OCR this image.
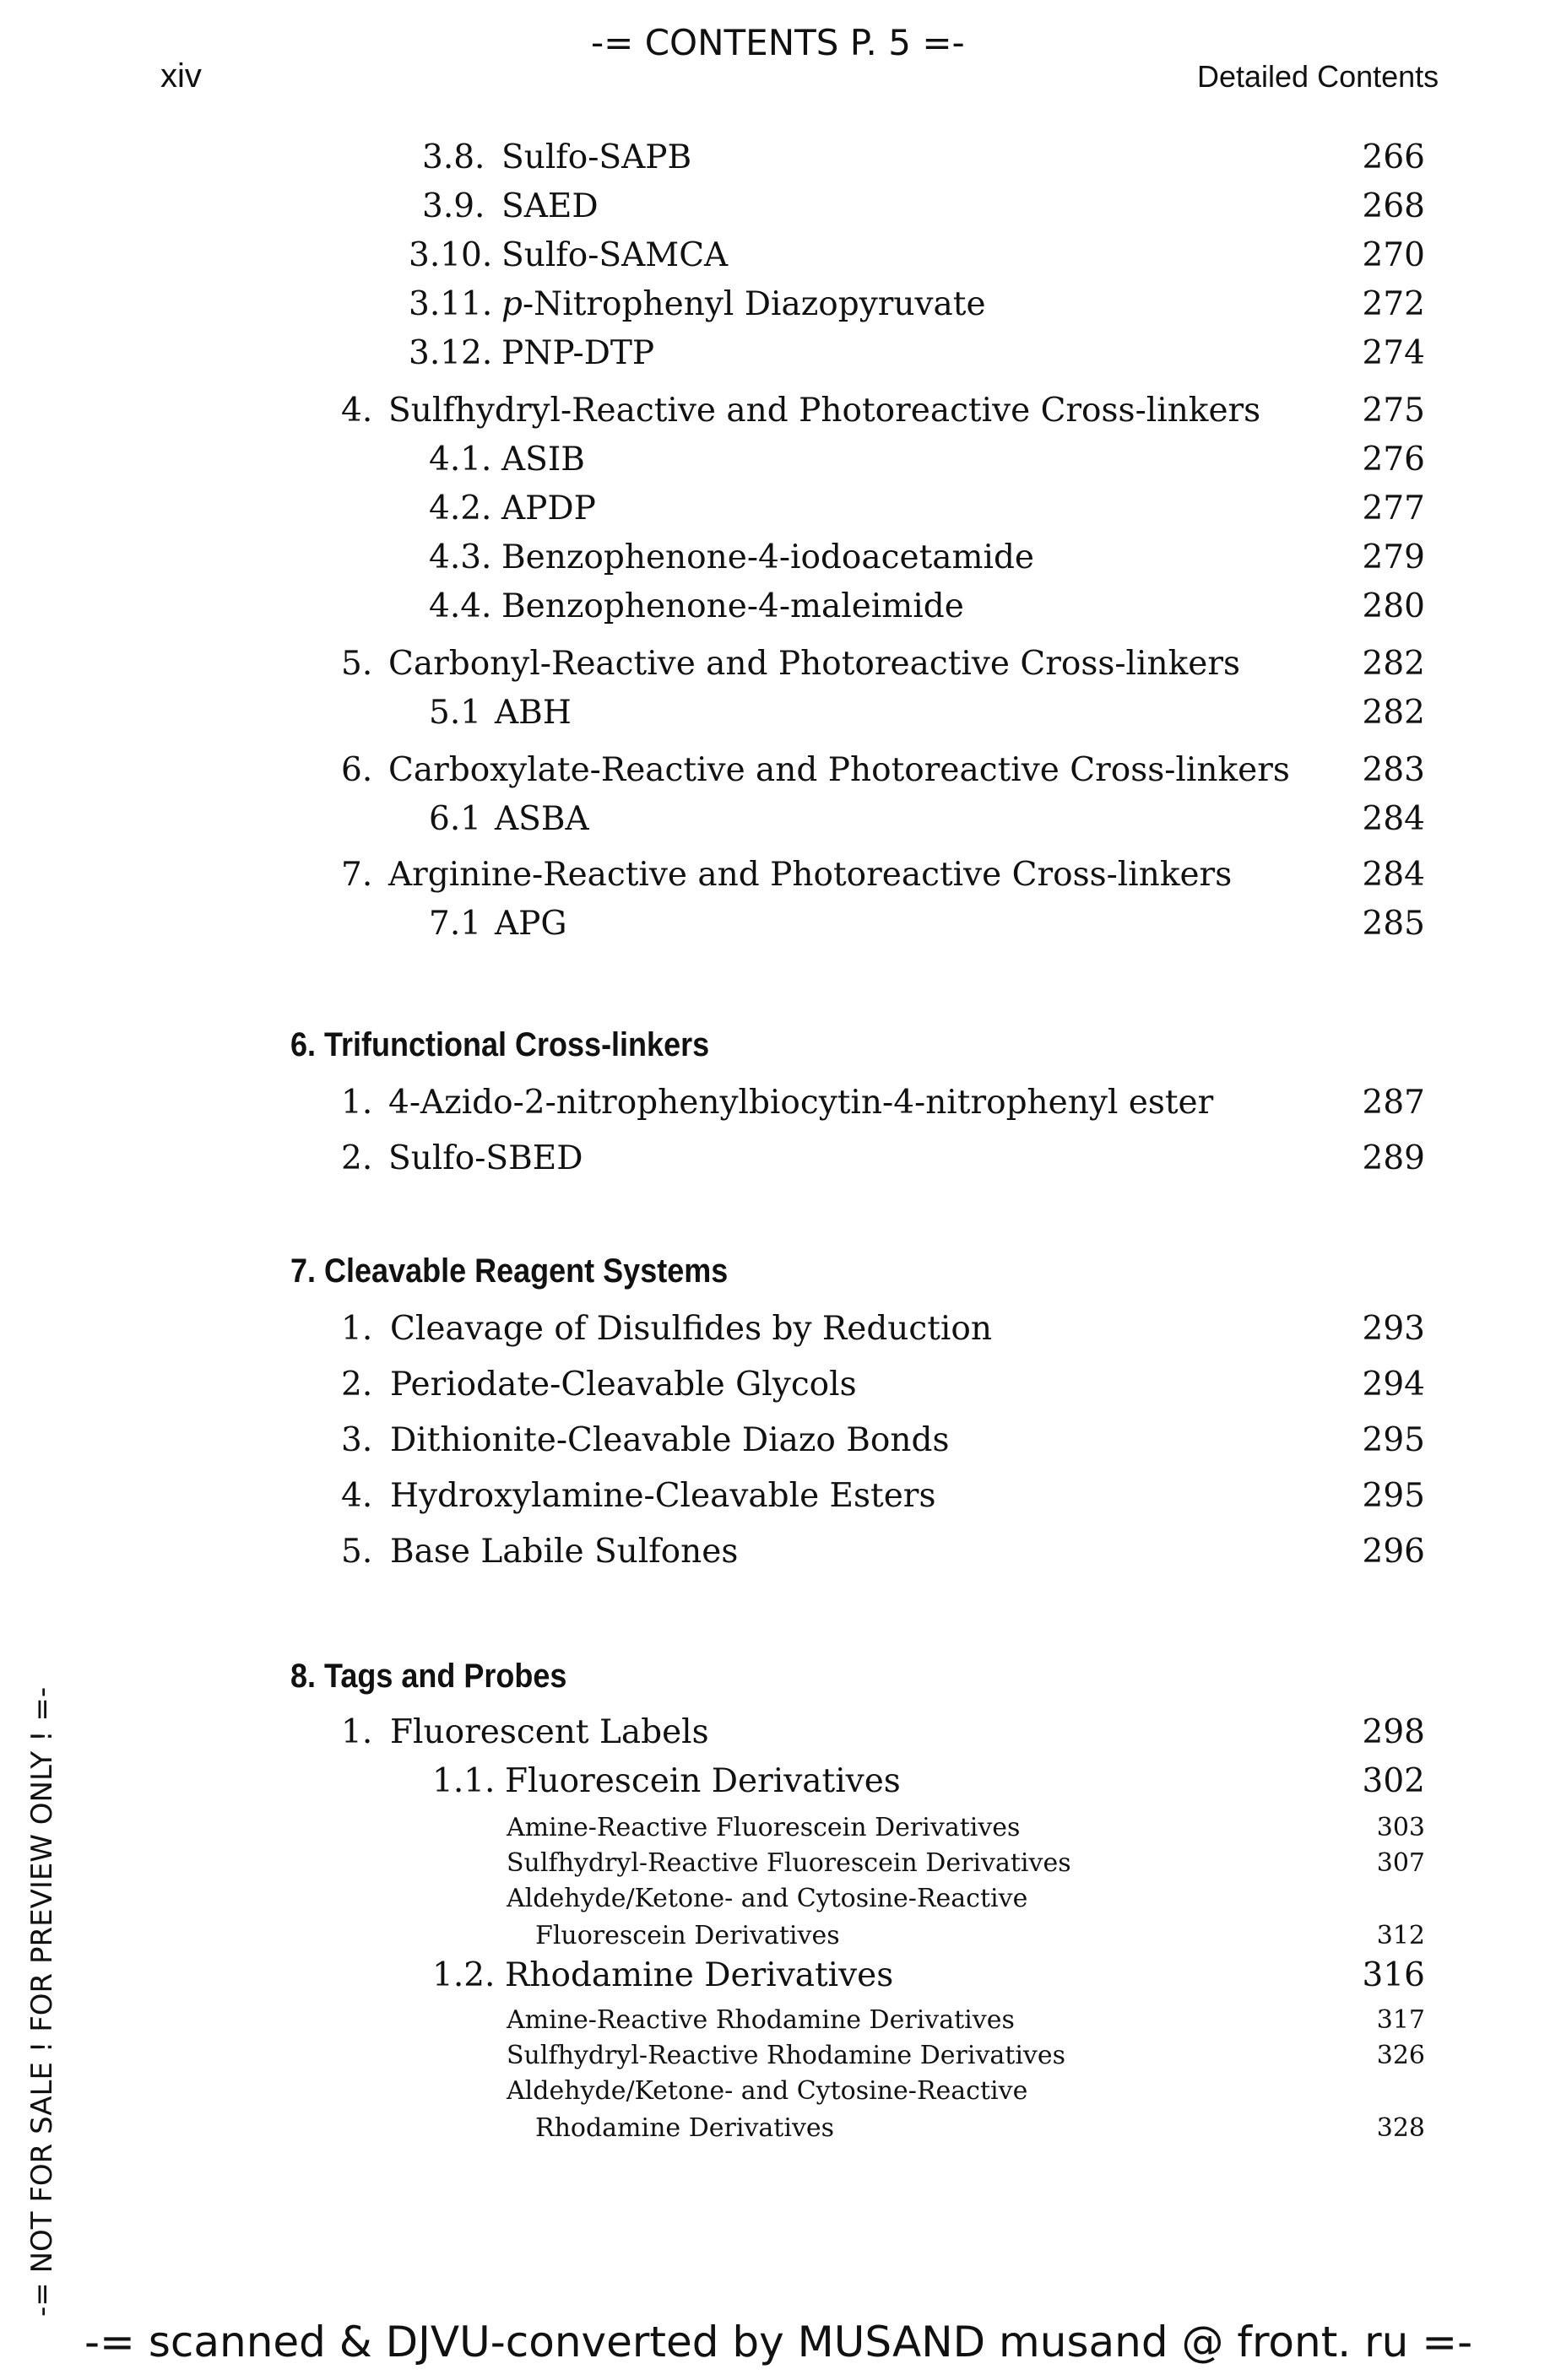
-= CONTENTS P. 5 =-
xiv	Detailed Contents
3.8. Sulfo-SAPB	266
3.9. SAED	268
3.10. Sulfo-SAMCA	270
3.11. p-Nitrophenyl Diazopyruvate	272
3.12. PNP-DTP	274
4. Sulfhydryl-Reactive and Photoreactive Cross-linkers	275
4.1. ASIB	276
4.2. APDP	277
4.3. Benzophenone-4-iodoacetamide	279
4.4. Benzophenone-4-maleimide	280
5. Carbonyl-Reactive and Photoreactive Cross-linkers	282
5.1 ABH	282
6. Carboxylate-Reactive and Photoreactive Cross-linkers	283
6.1 ASBA	284
7. Arginine-Reactive and Photoreactive Cross-linkers	284
7.1 APG	285
6. Trifunctional Cross-linkers
1. 4-Azido-2-nitrophenylbiocytin-4-nitrophenyl ester	287
2. Sulfo-SBED	289
7. Cleavable Reagent Systems
1. Cleavage of Disulfides by Reduction	293
2. Periodate-Cleavable Glycols	294
3. Dithionite-Cleavable Diazo Bonds	295
4. Hydroxylamine-Cleavable Esters	295
5. Base Labile Sulfones	296
8. Tags and Probes
1. Fluorescent Labels	298
1.1. Fluorescein Derivatives	302
Amine-Reactive Fluorescein Derivatives	303
Sulfhydryl-Reactive Fluorescein Derivatives	307
Aldehyde/Ketone- and Cytosine-Reactive
Fluorescein Derivatives	312
1.2. Rhodamine Derivatives	316
Amine-Reactive Rhodamine Derivatives	317
Sulfhydryl-Reactive Rhodamine Derivatives	326
Aldehyde/Ketone- and Cytosine-Reactive
Rhodamine Derivatives	328
-= NOT FOR SALE ! FOR PREVIEW ONLY ! =-
-= scanned & DJVU-converted by MUSAND musand @ front. ru =-
